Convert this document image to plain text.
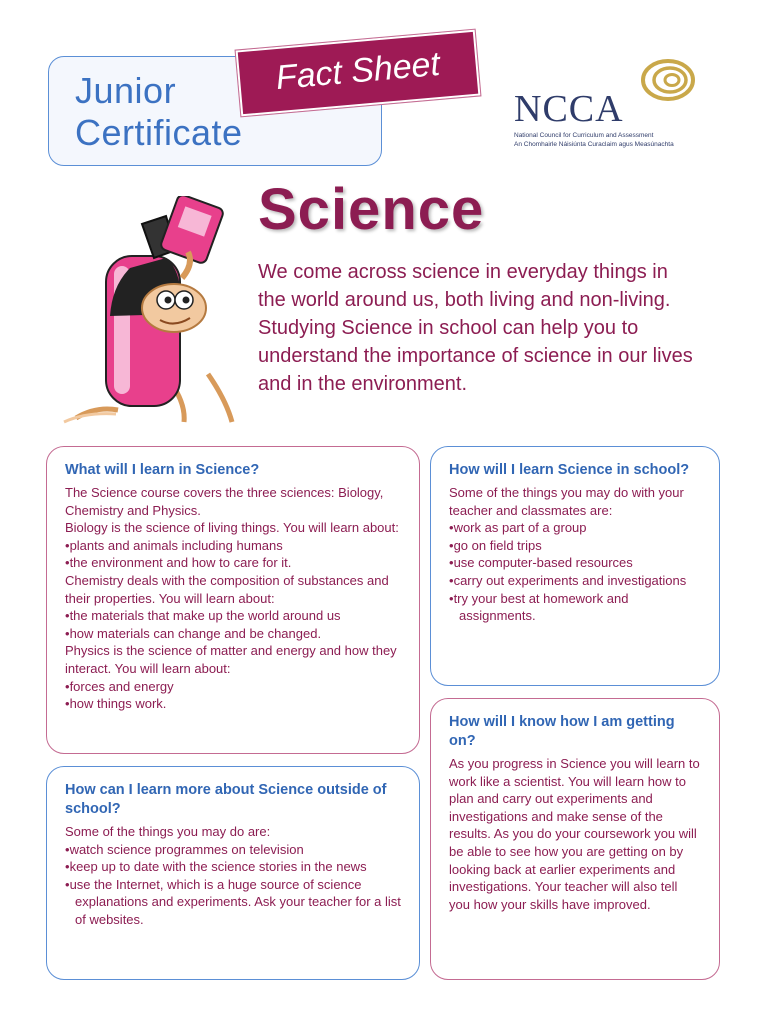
Junior
Certificate
Fact Sheet
NCCA
National Council for Curriculum and Assessment
An Chomhairle Náisiúnta Curaclaim agus Measúnachta
Science
We come across science in everyday things in the world around us, both living and non-living. Studying Science in school can help you to understand the importance of science in our lives and in the environment.
What will I learn in Science?

The Science course covers the three sciences: Biology, Chemistry and Physics.

Biology is the science of living things. You will learn about:

• plants and animals including humans
• the environment and how to care for it.

Chemistry deals with the composition of substances and their properties. You will learn about:

• the materials that make up the world around us
• how materials can change and be changed.

Physics is the science of matter and energy and how they interact. You will learn about:

• forces and energy
• how things work.
How will I learn Science in school?

Some of the things you may do with your teacher and classmates are:

• work as part of a group
• go on field trips
• use computer-based resources
• carry out experiments and investigations
• try your best at homework and assignments.
How will I know how I am getting on?

As you progress in Science you will learn to work like a scientist. You will learn how to plan and carry out experiments and investigations and make sense of the results. As you do your coursework you will be able to see how you are getting on by looking back at earlier experiments and investigations. Your teacher will also tell you how your skills have improved.

How can I learn more about Science outside of school?

Some of the things you may do are:

• watch science programmes on television
• keep up to date with the science stories in the news
• use the Internet, which is a huge source of science explanations and experiments. Ask your teacher for a list of websites.
